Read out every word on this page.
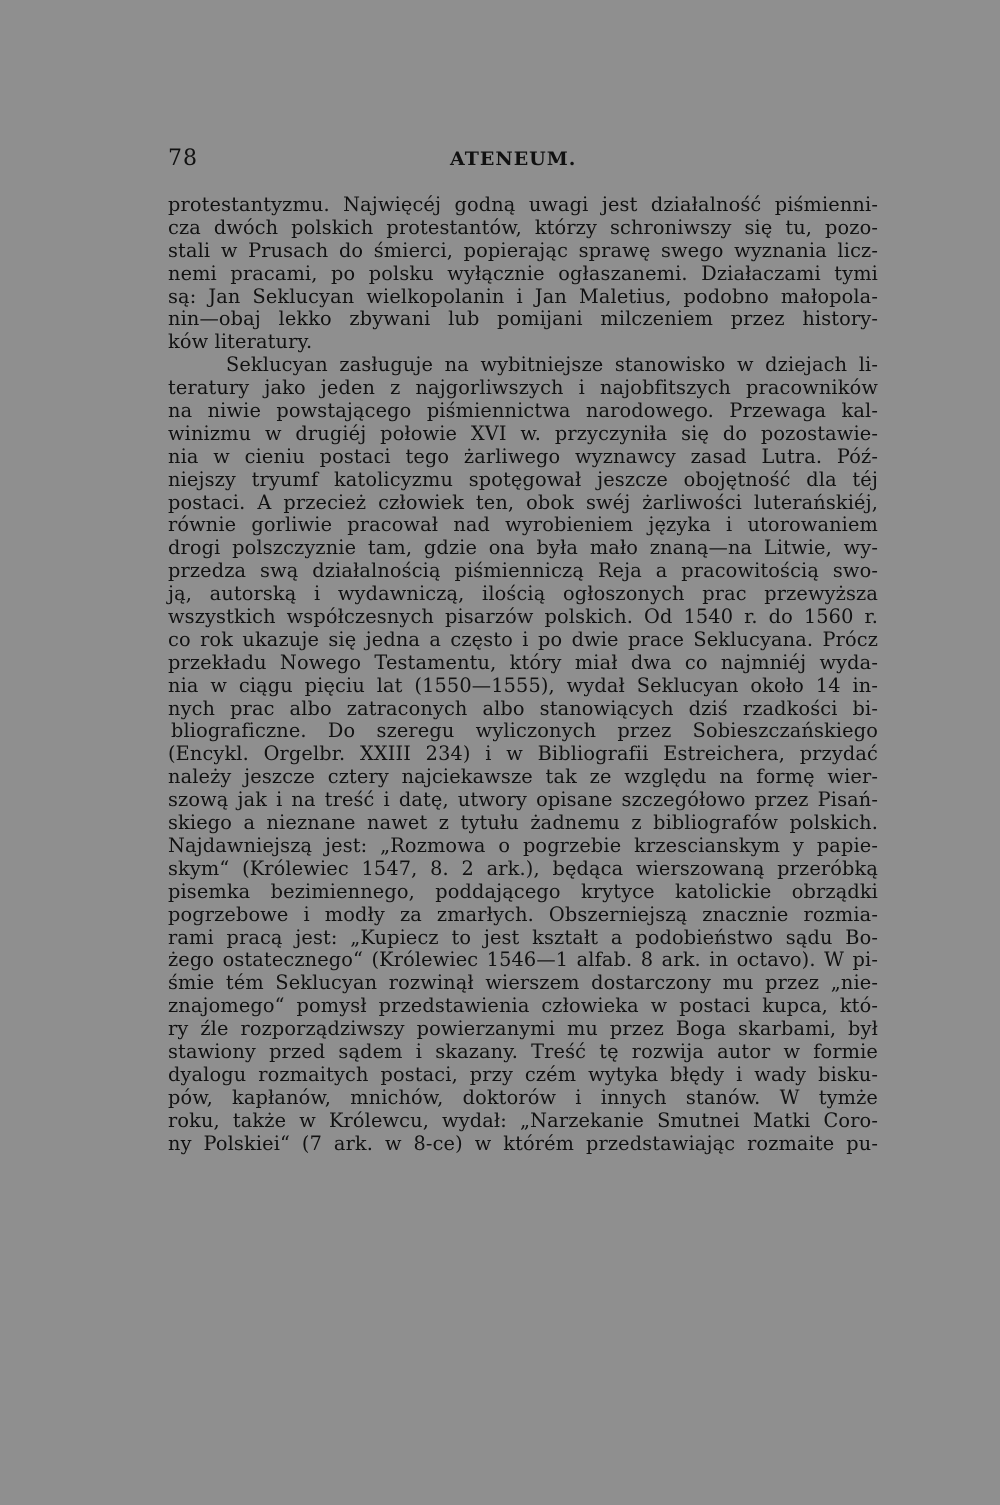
78	ATENEUM.
protestantyzmu. Najwięcéj godną uwagi jest działalność piśmienni-
cza dwóch polskich protestantów, którzy schroniwszy się tu, pozo-
stali w Prusach do śmierci, popierając sprawę swego wyznania licz-
nemi pracami, po polsku wyłącznie ogłaszanemi. Działaczami tymi
są: Jan Seklucyan wielkopolanin i Jan Maletius, podobno małopola-
nin—obaj lekko zbywani lub pomijani milczeniem przez history-
ków literatury.
Seklucyan zasługuje na wybitniejsze stanowisko w dziejach li-
teratury jako jeden z najgorliwszych i najobfitszych pracowników
na niwie powstającego piśmiennictwa narodowego. Przewaga kal-
winizmu w drugiéj połowie XVI w. przyczyniła się do pozostawie-
nia w cieniu postaci tego żarliwego wyznawcy zasad Lutra. Póź-
niejszy tryumf katolicyzmu spotęgował jeszcze obojętność dla téj
postaci. A przecież człowiek ten, obok swéj żarliwości luterańskiéj,
równie gorliwie pracował nad wyrobieniem języka i utorowaniem
drogi polszczyznie tam, gdzie ona była mało znaną—na Litwie, wy-
przedza swą działalnością piśmienniczą Reja a pracowitością swo-
ją, autorską i wydawniczą, ilością ogłoszonych prac przewyższa
wszystkich współczesnych pisarzów polskich. Od 1540 r. do 1560 r.
co rok ukazuje się jedna a często i po dwie prace Seklucyana. Prócz
przekładu Nowego Testamentu, który miał dwa co najmniéj wyda-
nia w ciągu pięciu lat (1550—1555), wydał Seklucyan około 14 in-
nych prac albo zatraconych albo stanowiących dziś rzadkości bi-
bliograficzne. Do szeregu wyliczonych przez Sobieszczańskiego
(Encykl. Orgelbr. XXIII 234) i w Bibliografii Estreichera, przydać
należy jeszcze cztery najciekawsze tak ze względu na formę wier-
szową jak i na treść i datę, utwory opisane szczegółowo przez Pisań-
skiego a nieznane nawet z tytułu żadnemu z bibliografów polskich.
Najdawniejszą jest: „Rozmowa o pogrzebie krzescianskym y papie-
skym“ (Królewiec 1547, 8. 2 ark.), będąca wierszowaną przeróbką
pisemka bezimiennego, poddającego krytyce katolickie obrządki
pogrzebowe i modły za zmarłych. Obszerniejszą znacznie rozmia-
rami pracą jest: „Kupiecz to jest kształt a podobieństwo sądu Bo-
żego ostatecznego“ (Królewiec 1546—1 alfab. 8 ark. in octavo). W pi-
śmie tém Seklucyan rozwinął wierszem dostarczony mu przez „nie-
znajomego“ pomysł przedstawienia człowieka w postaci kupca, któ-
ry źle rozporządziwszy powierzanymi mu przez Boga skarbami, był
stawiony przed sądem i skazany. Treść tę rozwija autor w formie
dyalogu rozmaitych postaci, przy czém wytyka błędy i wady bisku-
pów, kapłanów, mnichów, doktorów i innych stanów. W tymże
roku, także w Królewcu, wydał: „Narzekanie Smutnei Matki Coro-
ny Polskiei“ (7 ark. w 8-ce) w którém przedstawiając rozmaite pu-
